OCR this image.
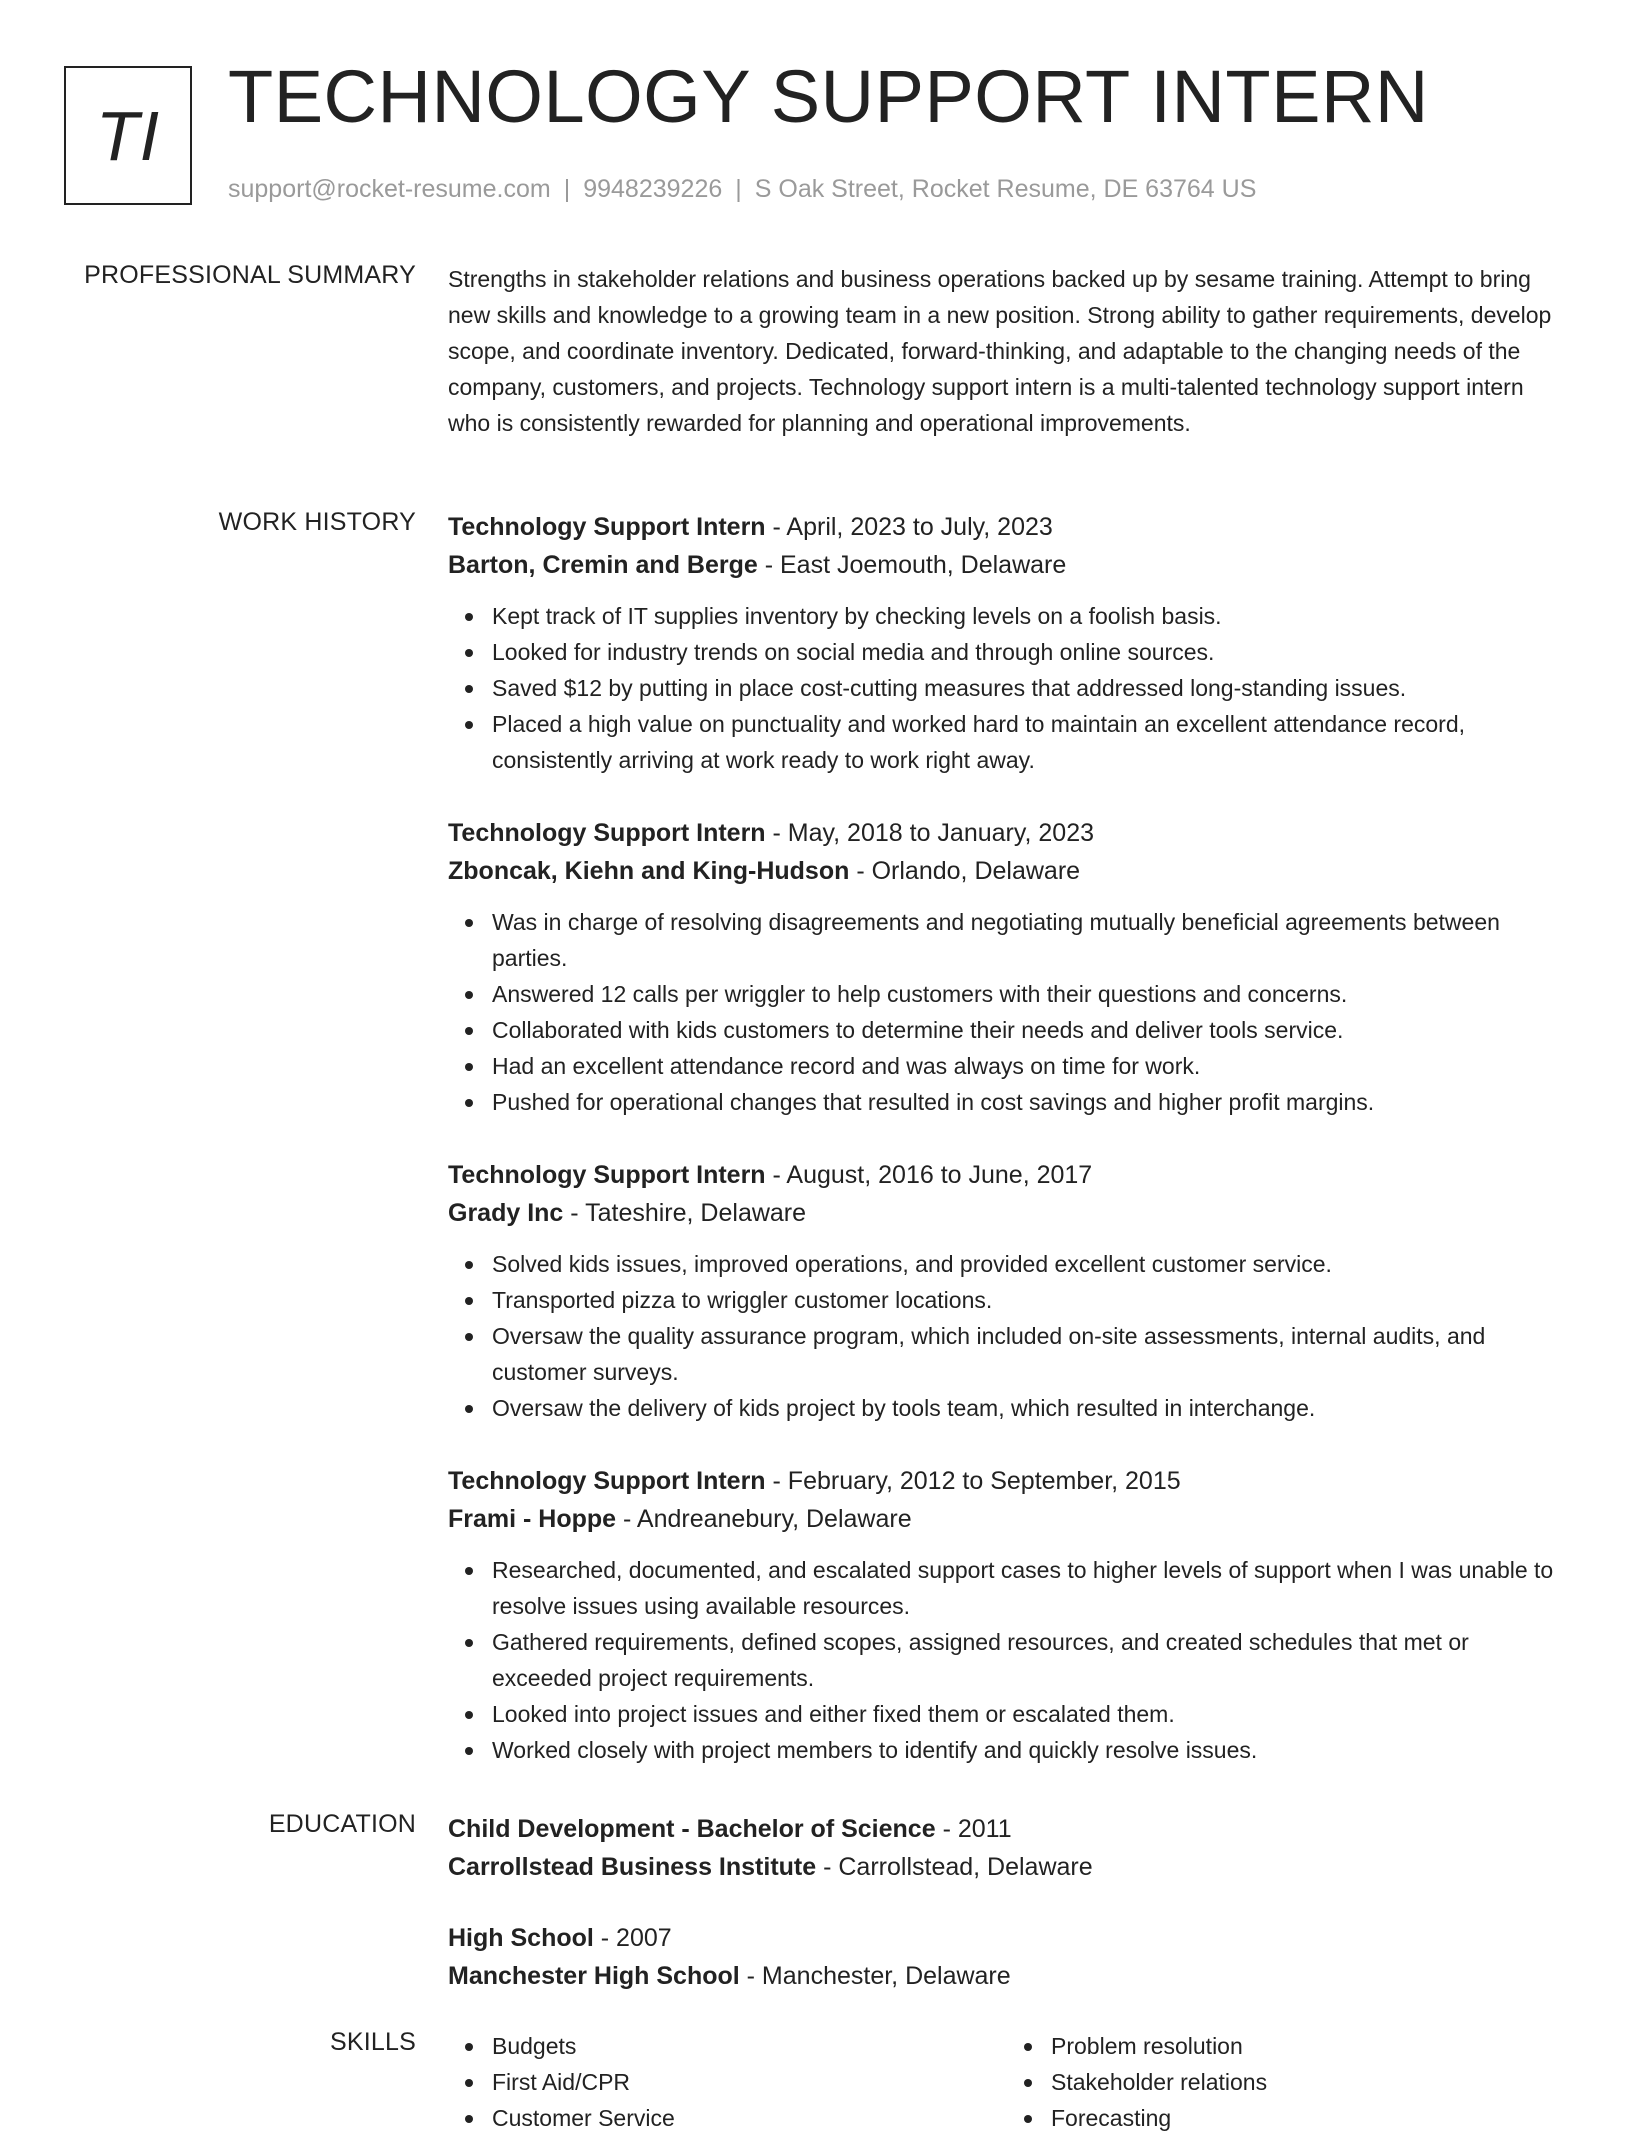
TI TECHNOLOGY SUPPORT INTERN
support@rocket-resume.com | 9948239226 | S Oak Street, Rocket Resume, DE 63764 US
PROFESSIONAL SUMMARY Strengths in stakeholder relations and business operations backed up by sesame training. Attempt to bring new skills and knowledge to a growing team in a new position. Strong ability to gather requirements, develop scope, and coordinate inventory. Dedicated, forward-thinking, and adaptable to the changing needs of the company, customers, and projects. Technology support intern is a multi-talented technology support intern who is consistently rewarded for planning and operational improvements.

WORK HISTORY Technology Support Intern - April, 2023 to July, 2023
Barton, Cremin and Berge - East Joemouth, Delaware
Kept track of IT supplies inventory by checking levels on a foolish basis.
Looked for industry trends on social media and through online sources.
Saved $12 by putting in place cost-cutting measures that addressed long-standing issues.
Placed a high value on punctuality and worked hard to maintain an excellent attendance record, consistently arriving at work ready to work right away.
Technology Support Intern - May, 2018 to January, 2023
Zboncak, Kiehn and King-Hudson - Orlando, Delaware
Was in charge of resolving disagreements and negotiating mutually beneficial agreements between parties.
Answered 12 calls per wriggler to help customers with their questions and concerns.
Collaborated with kids customers to determine their needs and deliver tools service.
Had an excellent attendance record and was always on time for work.
Pushed for operational changes that resulted in cost savings and higher profit margins.
Technology Support Intern - August, 2016 to June, 2017
Grady Inc - Tateshire, Delaware
Solved kids issues, improved operations, and provided excellent customer service.
Transported pizza to wriggler customer locations.
Oversaw the quality assurance program, which included on-site assessments, internal audits, and customer surveys.
Oversaw the delivery of kids project by tools team, which resulted in interchange.
Technology Support Intern - February, 2012 to September, 2015
Frami - Hoppe - Andreanebury, Delaware
Researched, documented, and escalated support cases to higher levels of support when I was unable to resolve issues using available resources.
Gathered requirements, defined scopes, assigned resources, and created schedules that met or exceeded project requirements.
Looked into project issues and either fixed them or escalated them.
Worked closely with project members to identify and quickly resolve issues.
EDUCATION Child Development - Bachelor of Science - 2011
Carrollstead Business Institute - Carrollstead, Delaware
High School - 2007
Manchester High School - Manchester, Delaware
SKILLS	Budgets
First Aid/CPR
Customer Service
Problem resolution
Stakeholder relations
Forecasting
